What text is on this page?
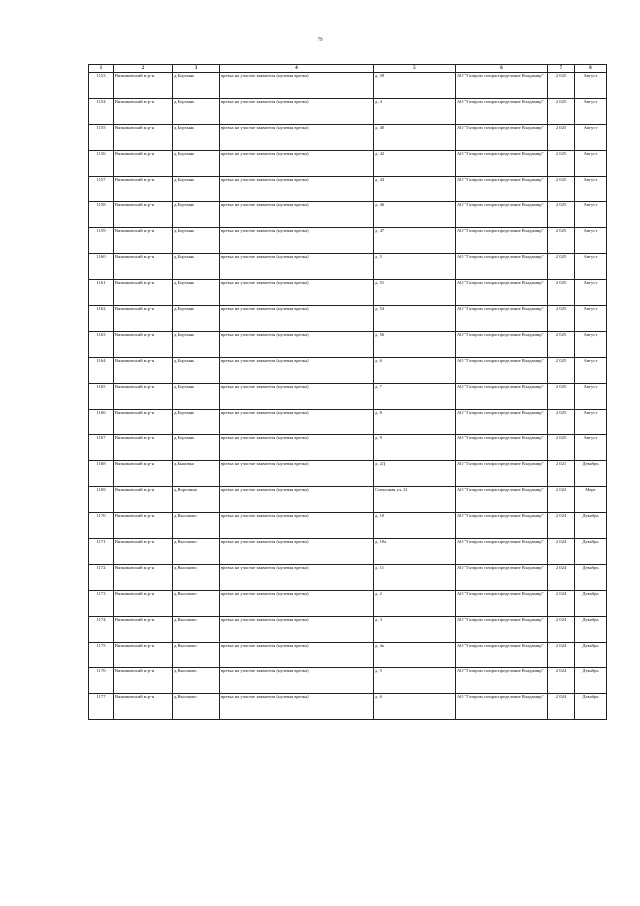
79
1	2	3	4	5	6	7	8
1153	Вязниковский м.р-н	д.Борзынь	врезка на участке заявителя (нулевая врезка)	д. 39	АО "Газпром газораспределение Владимир"	2 025	Август
1154	Вязниковский м.р-н	д.Борзынь	врезка на участке заявителя (нулевая врезка)	д. 4	АО "Газпром газораспределение Владимир"	2 025	Август
1155	Вязниковский м.р-н	д.Борзынь	врезка на участке заявителя (нулевая врезка)	д. 40	АО "Газпром газораспределение Владимир"	2 025	Август
1156	Вязниковский м.р-н	д.Борзынь	врезка на участке заявителя (нулевая врезка)	д. 42	АО "Газпром газораспределение Владимир"	2 025	Август
1157	Вязниковский м.р-н	д.Борзынь	врезка на участке заявителя (нулевая врезка)	д. 43	АО "Газпром газораспределение Владимир"	2 025	Август
1158	Вязниковский м.р-н	д.Борзынь	врезка на участке заявителя (нулевая врезка)	д. 46	АО "Газпром газораспределение Владимир"	2 025	Август
1159	Вязниковский м.р-н	д.Борзынь	врезка на участке заявителя (нулевая врезка)	д. 47	АО "Газпром газораспределение Владимир"	2 025	Август
1160	Вязниковский м.р-н	д.Борзынь	врезка на участке заявителя (нулевая врезка)	д. 5	АО "Газпром газораспределение Владимир"	2 025	Август
1161	Вязниковский м.р-н	д.Борзынь	врезка на участке заявителя (нулевая врезка)	д. 51	АО "Газпром газораспределение Владимир"	2 025	Август
1162	Вязниковский м.р-н	д.Борзынь	врезка на участке заявителя (нулевая врезка)	д. 54	АО "Газпром газораспределение Владимир"	2 025	Август
1163	Вязниковский м.р-н	д.Борзынь	врезка на участке заявителя (нулевая врезка)	д. 56	АО "Газпром газораспределение Владимир"	2 025	Август
1164	Вязниковский м.р-н	д.Борзынь	врезка на участке заявителя (нулевая врезка)	д. 6	АО "Газпром газораспределение Владимир"	2 025	Август
1165	Вязниковский м.р-н	д.Борзынь	врезка на участке заявителя (нулевая врезка)	д. 7	АО "Газпром газораспределение Владимир"	2 025	Август
1166	Вязниковский м.р-н	д.Борзынь	врезка на участке заявителя (нулевая врезка)	д. 8	АО "Газпром газораспределение Владимир"	2 025	Август
1167	Вязниковский м.р-н	д.Борзынь	врезка на участке заявителя (нулевая врезка)	д. 9	АО "Газпром газораспределение Владимир"	2 025	Август
1168	Вязниковский м.р-н	д.Быковка	врезка на участке заявителя (нулевая врезка)	д. 2Д	АО "Газпром газораспределение Владимир"	2 021	Декабрь
1169	Вязниковский м.р-н	д.Воропино	врезка на участке заявителя (нулевая врезка)	Совхозная ул, 21	АО "Газпром газораспределение Владимир"	2 022	Март
1170	Вязниковский м.р-н	д.Высоково	врезка на участке заявителя (нулевая врезка)	д. 10	АО "Газпром газораспределение Владимир"	2 024	Декабрь
1171	Вязниковский м.р-н	д.Высоково	врезка на участке заявителя (нулевая врезка)	д. 10а	АО "Газпром газораспределение Владимир"	2 024	Декабрь
1172	Вязниковский м.р-н	д.Высоково	врезка на участке заявителя (нулевая врезка)	д. 11	АО "Газпром газораспределение Владимир"	2 024	Декабрь
1173	Вязниковский м.р-н	д.Высоково	врезка на участке заявителя (нулевая врезка)	д. 2	АО "Газпром газораспределение Владимир"	2 024	Декабрь
1174	Вязниковский м.р-н	д.Высоково	врезка на участке заявителя (нулевая врезка)	д. 3	АО "Газпром газораспределение Владимир"	2 024	Декабрь
1175	Вязниковский м.р-н	д.Высоково	врезка на участке заявителя (нулевая врезка)	д. 4а	АО "Газпром газораспределение Владимир"	2 024	Декабрь
1176	Вязниковский м.р-н	д.Высоково	врезка на участке заявителя (нулевая врезка)	д. 5	АО "Газпром газораспределение Владимир"	2 024	Декабрь
1177	Вязниковский м.р-н	д.Высоково	врезка на участке заявителя (нулевая врезка)	д. 6	АО "Газпром газораспределение Владимир"	2 024	Декабрь
